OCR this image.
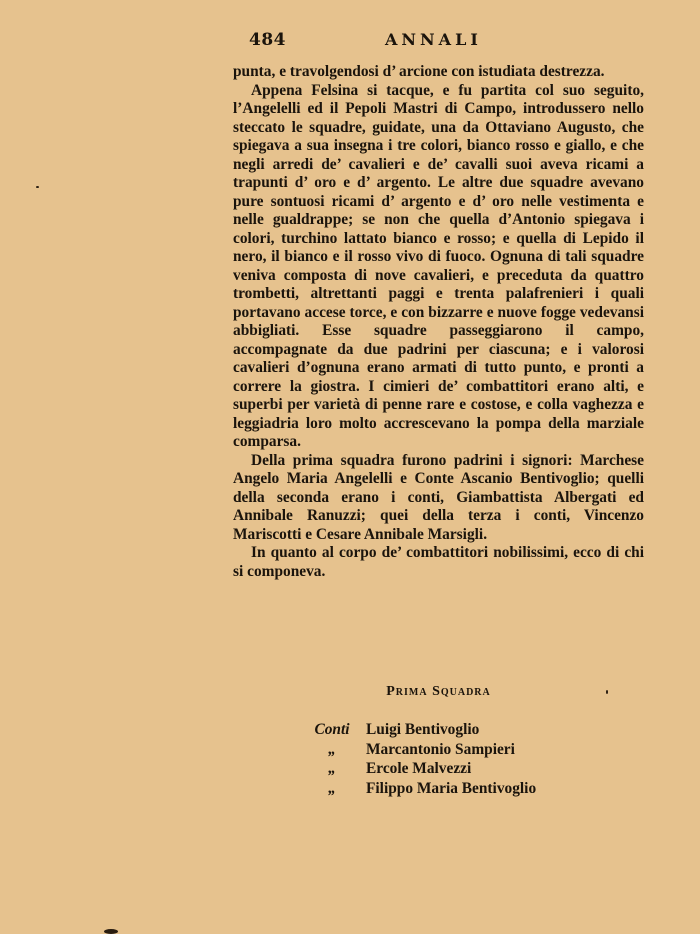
484	ANNALI

punta, e travolgendosi d’ arcione con istudiata destrezza.

Appena Felsina si tacque, e fu partita col suo seguito, l’Angelelli ed il Pepoli Mastri di Campo, introdussero nello steccato le squadre, guidate, una da Ottaviano Augusto, che spiegava a sua insegna i tre colori, bianco rosso e giallo, e che negli arredi de’ cavalieri e de’ cavalli suoi aveva ricami a trapunti d’ oro e d’ argento. Le altre due squadre avevano pure sontuosi ricami d’ argento e d’ oro nelle vestimenta e nelle gualdrappe; se non che quella d’Antonio spiegava i colori, turchino lattato bianco e rosso; e quella di Lepido il nero, il bianco e il rosso vivo di fuoco. Ognuna di tali squadre veniva composta di nove cavalieri, e preceduta da quattro trombetti, altrettanti paggi e trenta palafrenieri i quali portavano accese torce, e con bizzarre e nuove fogge vedevansi abbigliati. Esse squadre passeggiarono il campo, accompagnate da due padrini per ciascuna; e i valorosi cavalieri d’ognuna erano armati di tutto punto, e pronti a correre la giostra. I cimieri de’ combattitori erano alti, e superbi per varietà di penne rare e costose, e colla vaghezza e leggiadria loro molto accrescevano la pompa della marziale comparsa.

Della prima squadra furono padrini i signori: Marchese Angelo Maria Angelelli e Conte Ascanio Bentivoglio; quelli della seconda erano i conti, Giambattista Albergati ed Annibale Ranuzzi; quei della terza i conti, Vincenzo Mariscotti e Cesare Annibale Marsigli.

In quanto al corpo de’ combattitori nobilissimi, ecco di chi si componeva.

Prima Squadra
Conti	Luigi Bentivoglio
„	Marcantonio Sampieri
„	Ercole Malvezzi
„	Filippo Maria Bentivoglio
